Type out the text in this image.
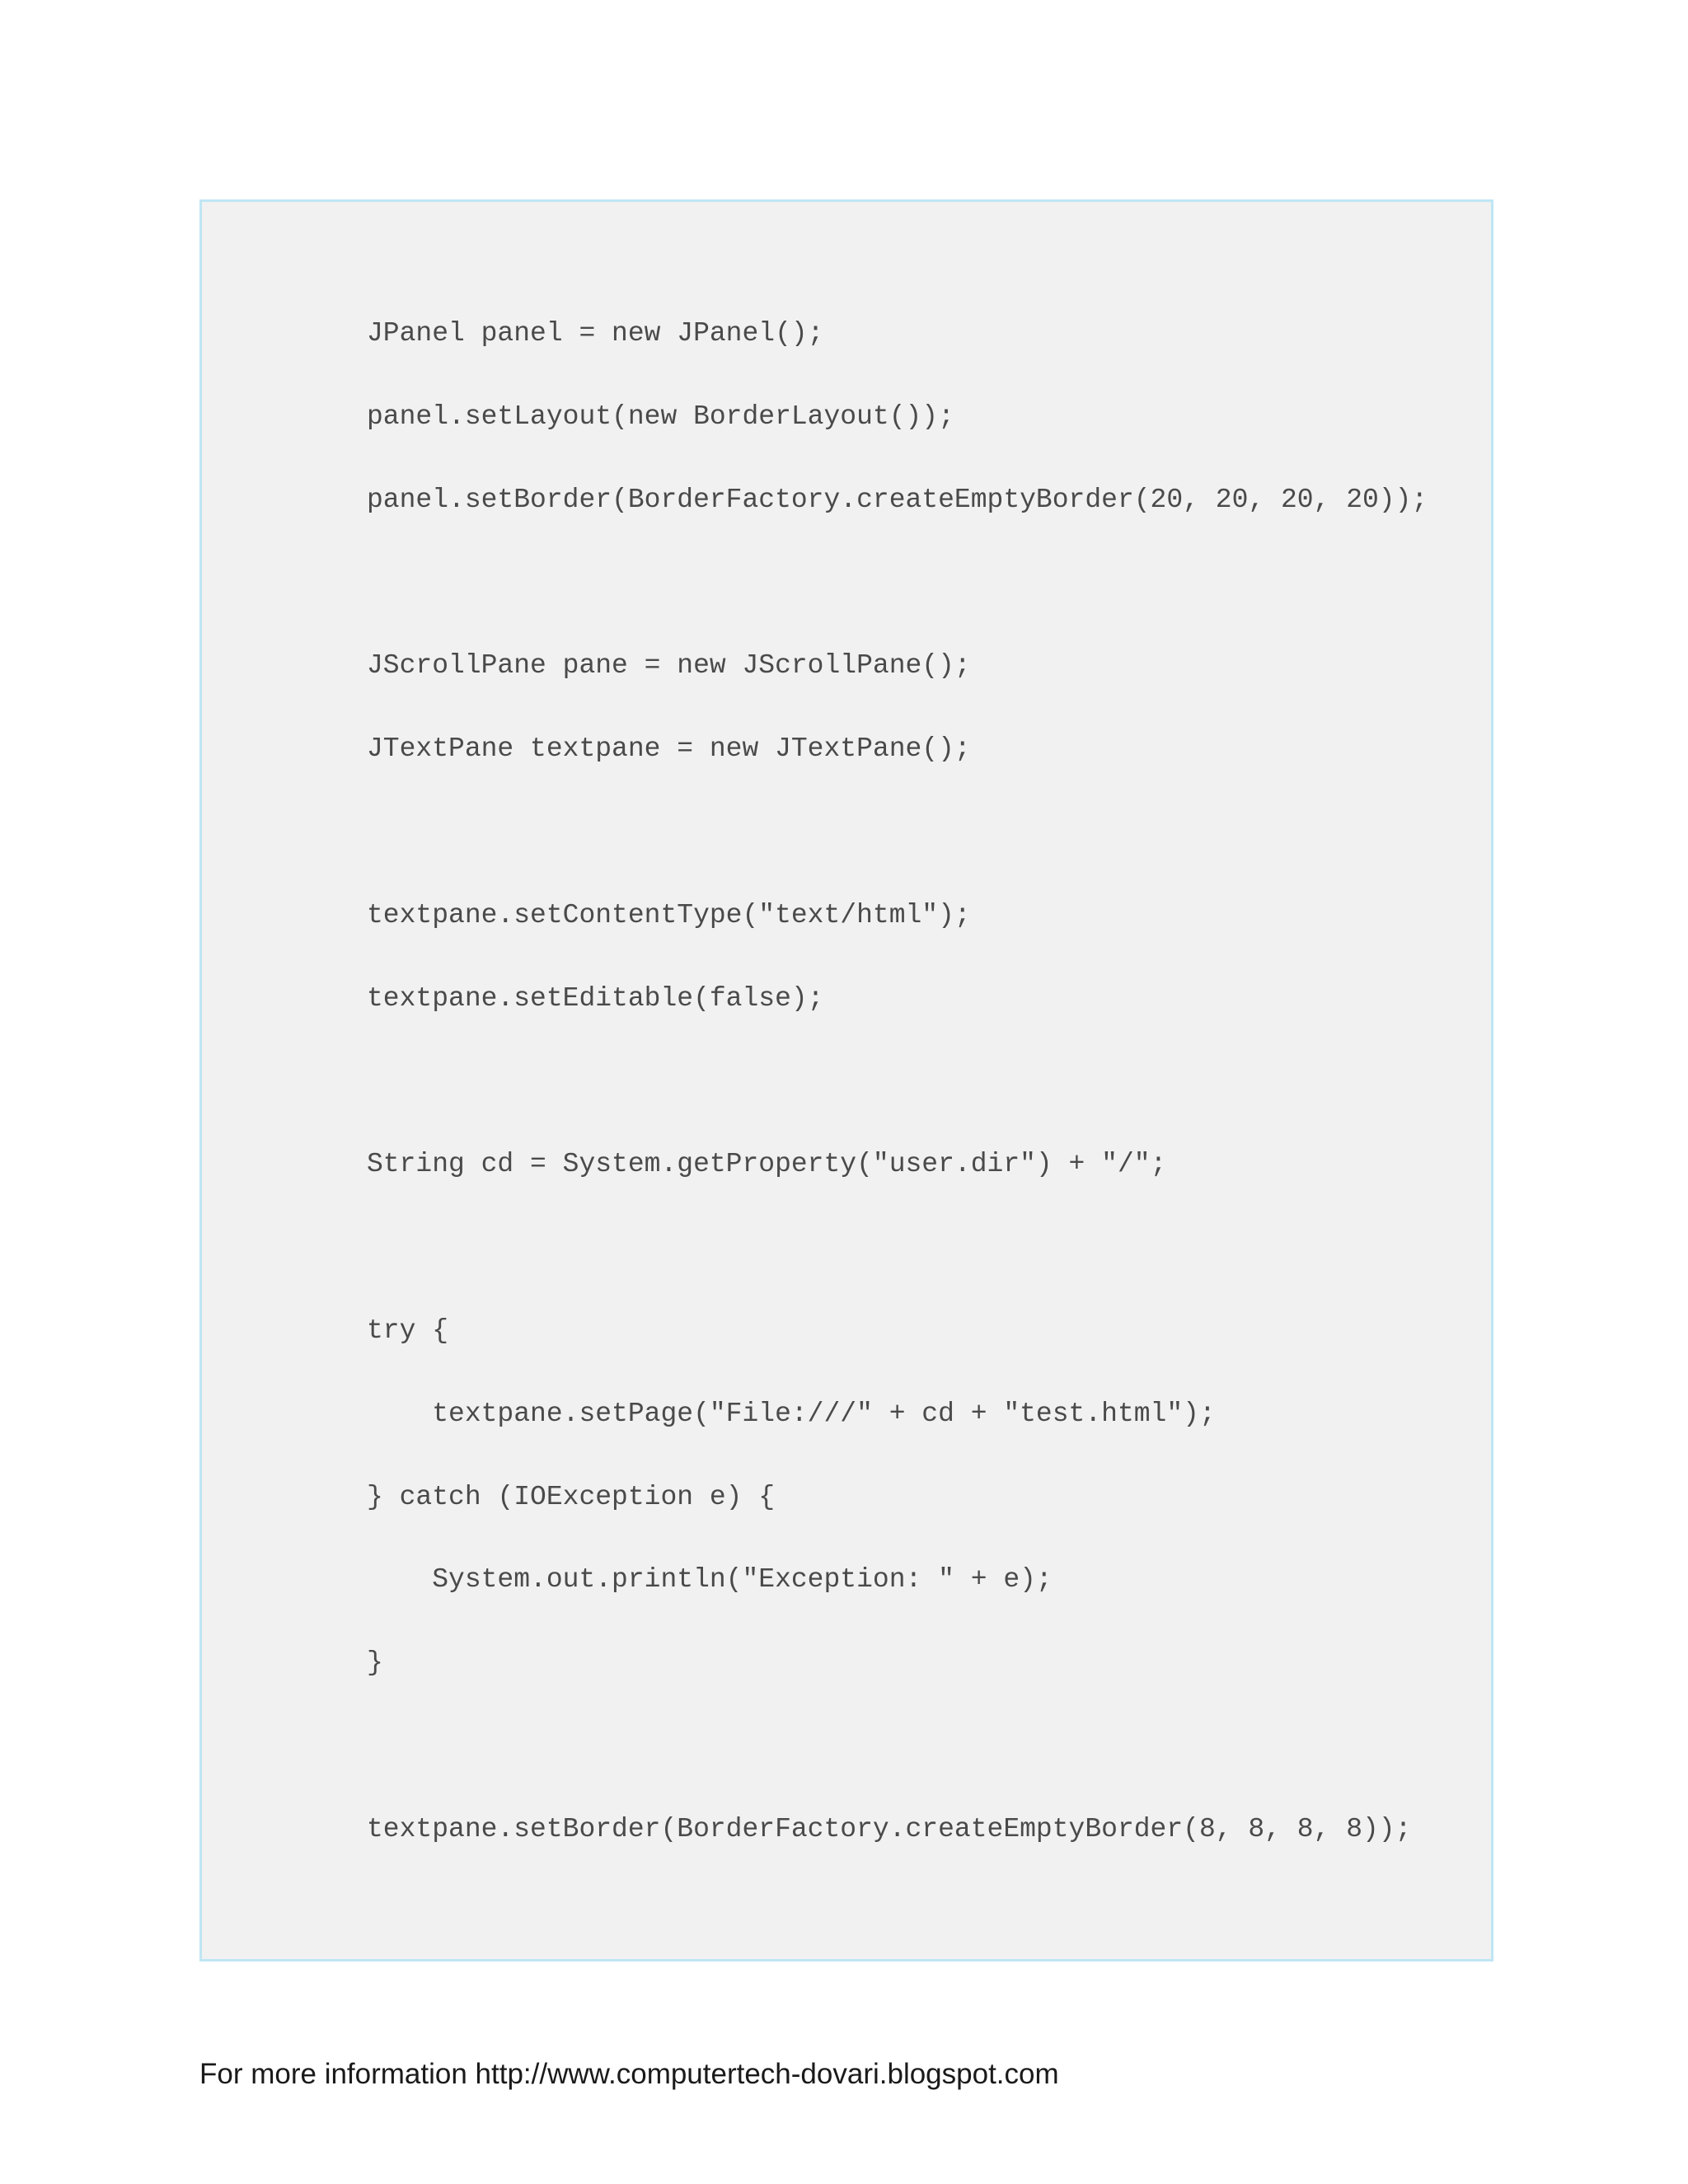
JPanel panel = new JPanel();
panel.setLayout(new BorderLayout());
panel.setBorder(BorderFactory.createEmptyBorder(20, 20, 20, 20));
JScrollPane pane = new JScrollPane();
JTextPane textpane = new JTextPane();
textpane.setContentType("text/html");
textpane.setEditable(false);
String cd = System.getProperty("user.dir") + "/";
try {
textpane.setPage("File:///" + cd + "test.html");
} catch (IOException e) {
System.out.println("Exception: " + e);
}
textpane.setBorder(BorderFactory.createEmptyBorder(8, 8, 8, 8));
For more information http://www.computertech-dovari.blogspot.com
